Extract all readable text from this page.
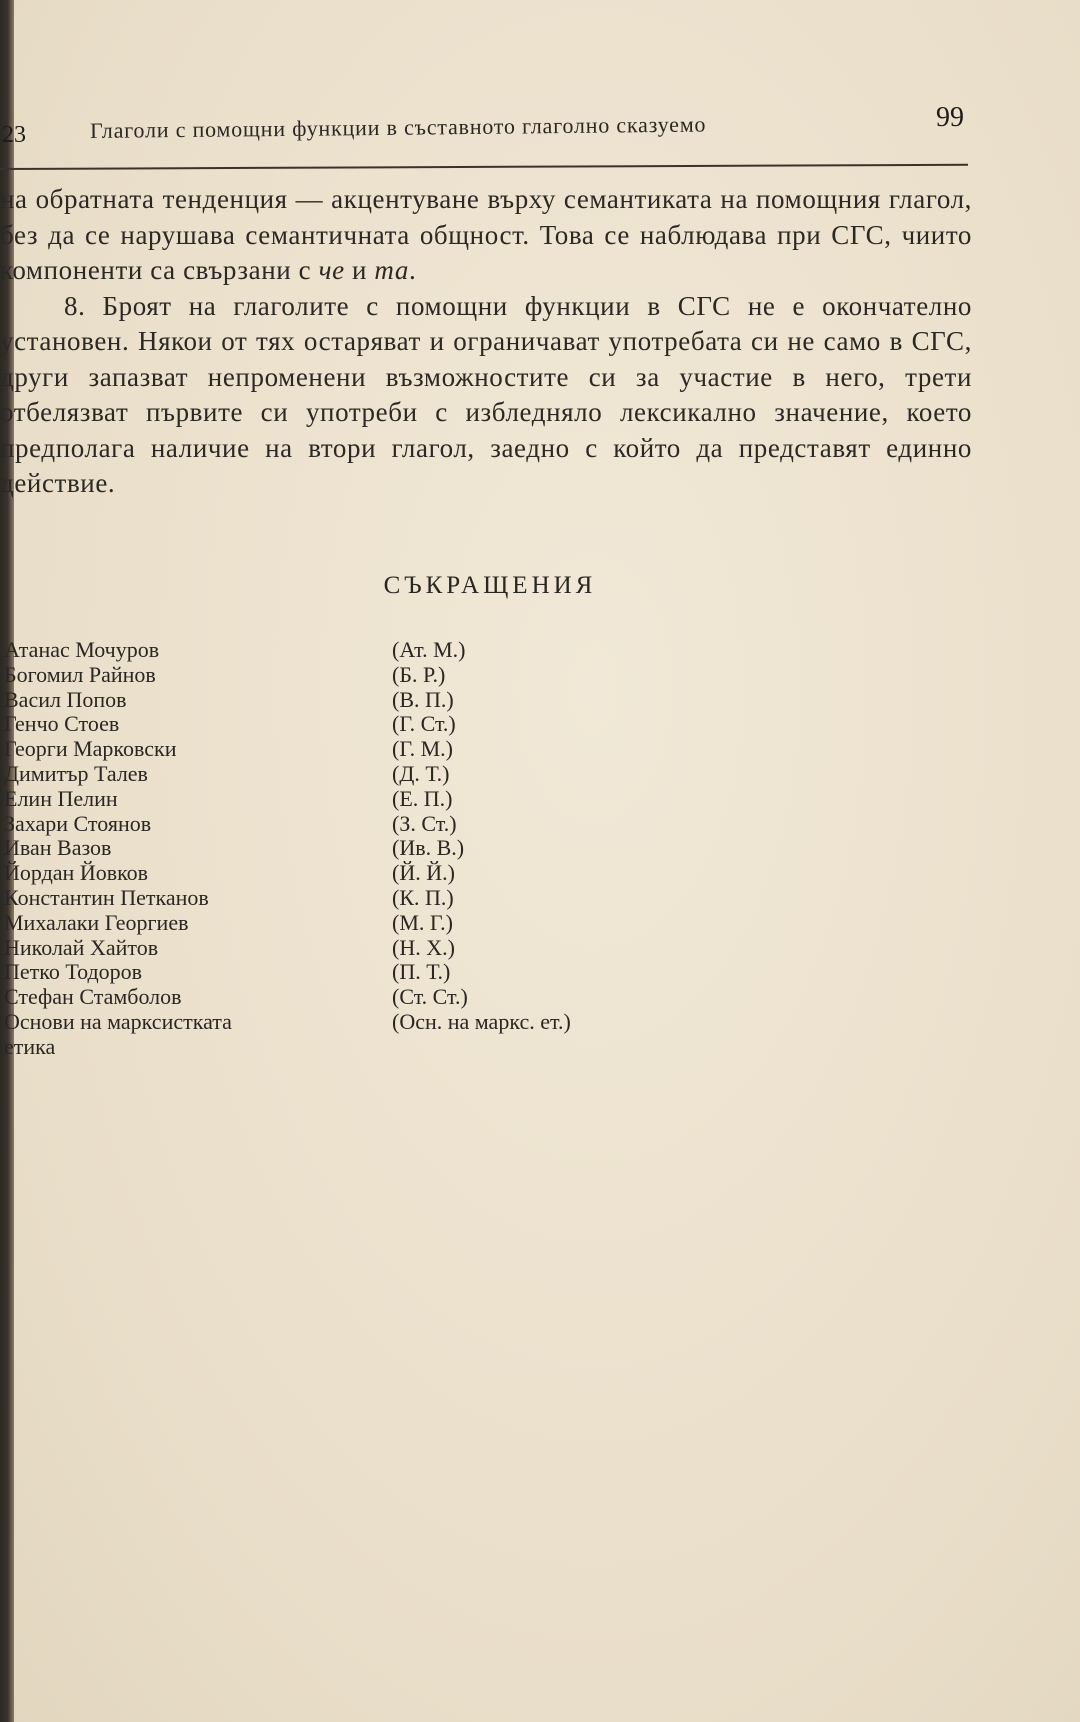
23	Глаголи с помощни функции в съставното глаголно сказуемо	99

на обратната тенденция — акцентуване върху семантиката на помощния глагол, без да се нарушава семантичната общност. Това се наблюдава при СГС, чиито компоненти са свързани с че и та.

8. Броят на глаголите с помощни функции в СГС не е окончателно установен. Някои от тях остаряват и ограничават употребата си не само в СГС, други запазват непроменени възможностите си за участие в него, трети отбелязват първите си употреби с избледняло лексикално значение, което предполага наличие на втори глагол, заедно с който да представят единно действие.

СЪКРАЩЕНИЯ
Атанас Мочуров	(Ат. М.)
Богомил Райнов	(Б. Р.)
Васил Попов	(В. П.)
Генчо Стоев	(Г. Ст.)
Георги Марковски	(Г. М.)
Димитър Талев	(Д. Т.)
Елин Пелин	(Е. П.)
Захари Стоянов	(З. Ст.)
Иван Вазов	(Ив. В.)
Йордан Йовков	(Й. Й.)
Константин Петканов	(К. П.)
Михалаки Георгиев	(М. Г.)
Николай Хайтов	(Н. Х.)
Петко Тодоров	(П. Т.)
Стефан Стамболов	(Ст. Ст.)
Основи на марксистката	(Осн. на маркс. ет.)
етика
